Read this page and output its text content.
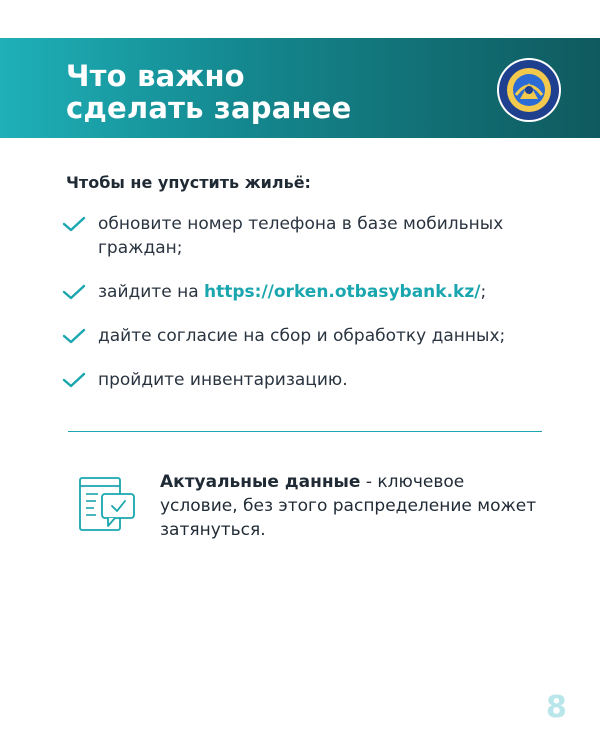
Что важно
сделать заранее
Чтобы не упустить жильё:
обновите номер телефона в базе мобильных граждан;
зайдите на https://orken.otbasybank.kz/;
дайте согласие на сбор и обработку данных;
пройдите инвентаризацию.
Актуальные данные - ключевое условие, без этого распределение может затянуться.
8
